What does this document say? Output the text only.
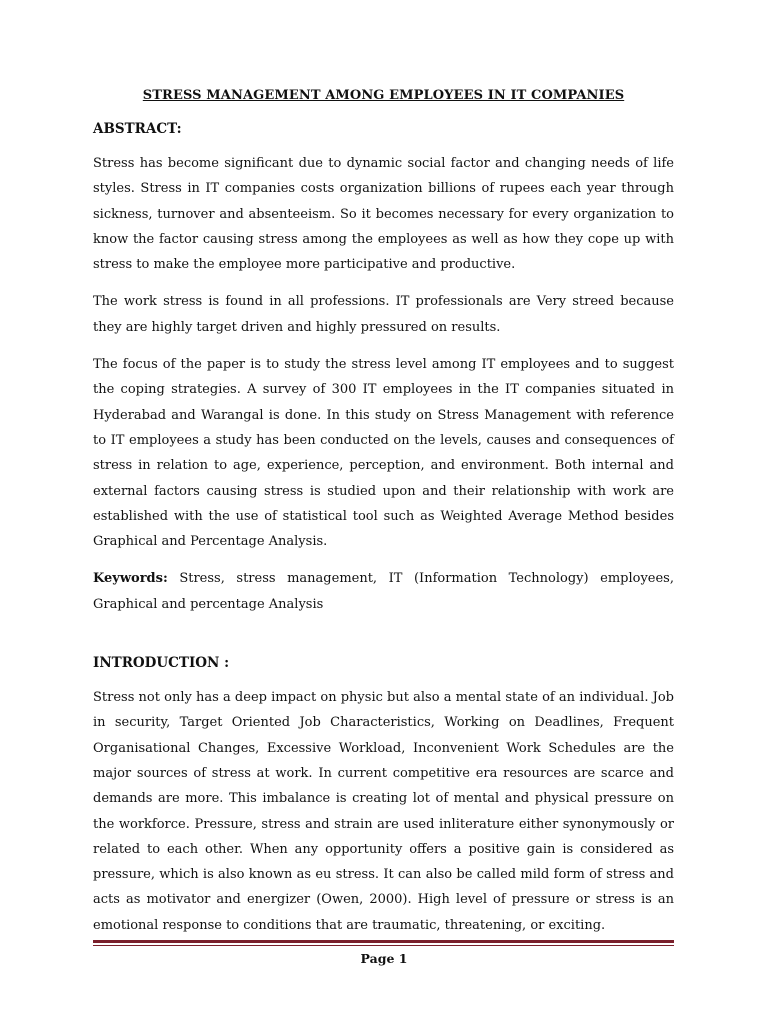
STRESS MANAGEMENT AMONG EMPLOYEES IN IT COMPANIES
ABSTRACT:

Stress has become significant due to dynamic social factor and changing needs of life styles. Stress in IT companies costs organization billions of rupees each year through sickness, turnover and absenteeism. So it becomes necessary for every organization to know the factor causing stress among the employees as well as how they cope up with stress to make the employee more participative and productive.

The work stress is found in all professions. IT professionals are Very streed because they are highly target driven and highly pressured on results.

The focus of the paper is to study the stress level among IT employees and to suggest the coping strategies. A survey of 300 IT employees in the IT companies situated in Hyderabad and Warangal is done. In this study on Stress Management with reference to IT employees a study has been conducted on the levels, causes and consequences of stress in relation to age, experience, perception, and environment. Both internal and external factors causing stress is studied upon and their relationship with work are established with the use of statistical tool such as Weighted Average Method besides Graphical and Percentage Analysis.

Keywords: Stress, stress management, IT (Information Technology) employees, Graphical and percentage Analysis

INTRODUCTION :

Stress not only has a deep impact on physic but also a mental state of an individual. Job in security, Target Oriented Job Characteristics, Working on Deadlines, Frequent Organisational Changes, Excessive Workload, Inconvenient Work Schedules are the major sources of stress at work. In current competitive era resources are scarce and demands are more. This imbalance is creating lot of mental and physical pressure on the workforce. Pressure, stress and strain are used inliterature either synonymously or related to each other. When any opportunity offers a positive gain is considered as pressure, which is also known as eu stress. It can also be called mild form of stress and acts as motivator and energizer (Owen, 2000). High level of pressure or stress is an emotional response to conditions that are traumatic, threatening, or exciting.

Page 1
